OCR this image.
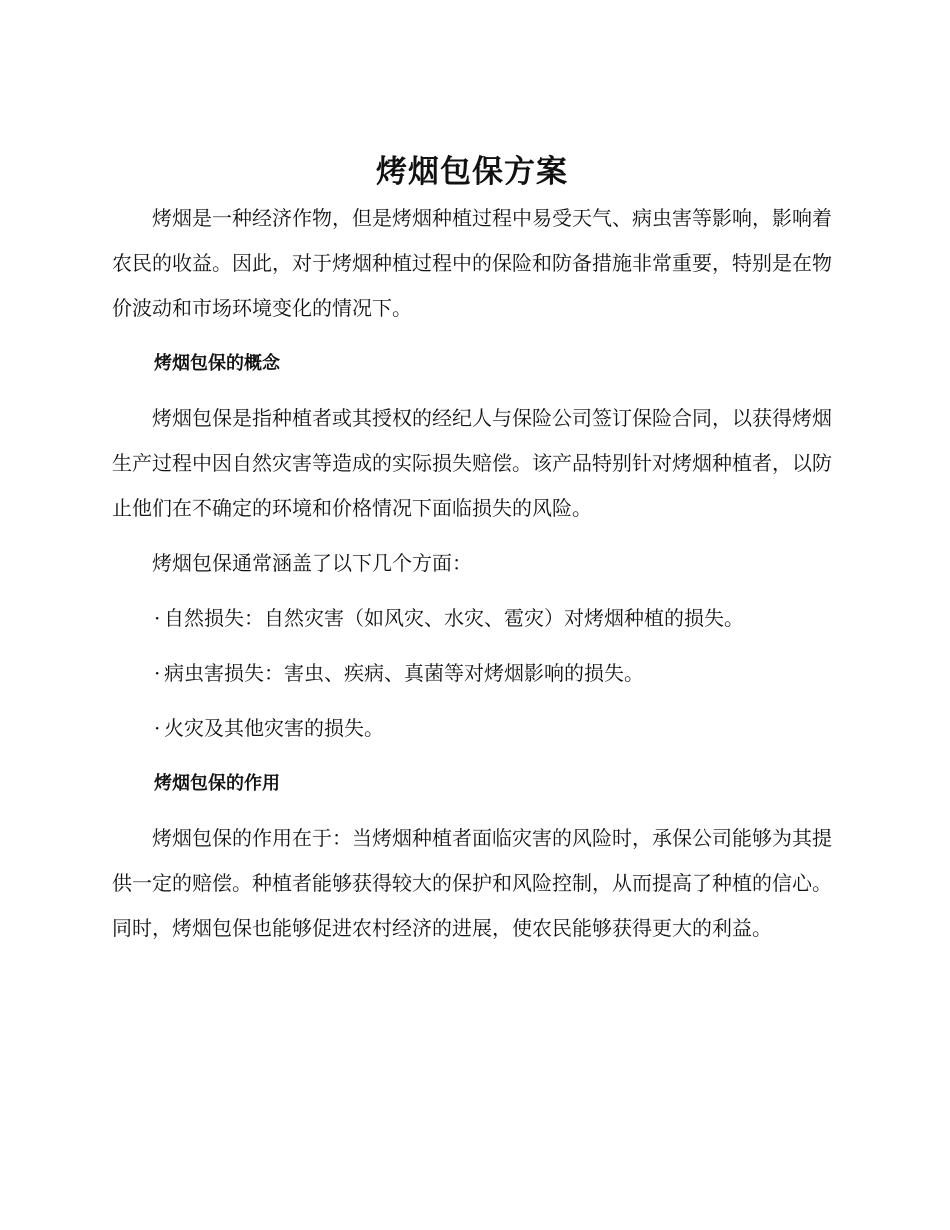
烤烟包保方案

烤烟是一种经济作物，但是烤烟种植过程中易受天气、病虫害等影响，影响着农民的收益。因此，对于烤烟种植过程中的保险和防备措施非常重要，特别是在物价波动和市场环境变化的情况下。

烤烟包保的概念

烤烟包保是指种植者或其授权的经纪人与保险公司签订保险合同，以获得烤烟生产过程中因自然灾害等造成的实际损失赔偿。该产品特别针对烤烟种植者，以防止他们在不确定的环境和价格情况下面临损失的风险。

烤烟包保通常涵盖了以下几个方面：

· 自然损失：自然灾害（如风灾、水灾、雹灾）对烤烟种植的损失。

· 病虫害损失：害虫、疾病、真菌等对烤烟影响的损失。

· 火灾及其他灾害的损失。

烤烟包保的作用

烤烟包保的作用在于：当烤烟种植者面临灾害的风险时，承保公司能够为其提供一定的赔偿。种植者能够获得较大的保护和风险控制，从而提高了种植的信心。同时，烤烟包保也能够促进农村经济的进展，使农民能够获得更大的利益。
